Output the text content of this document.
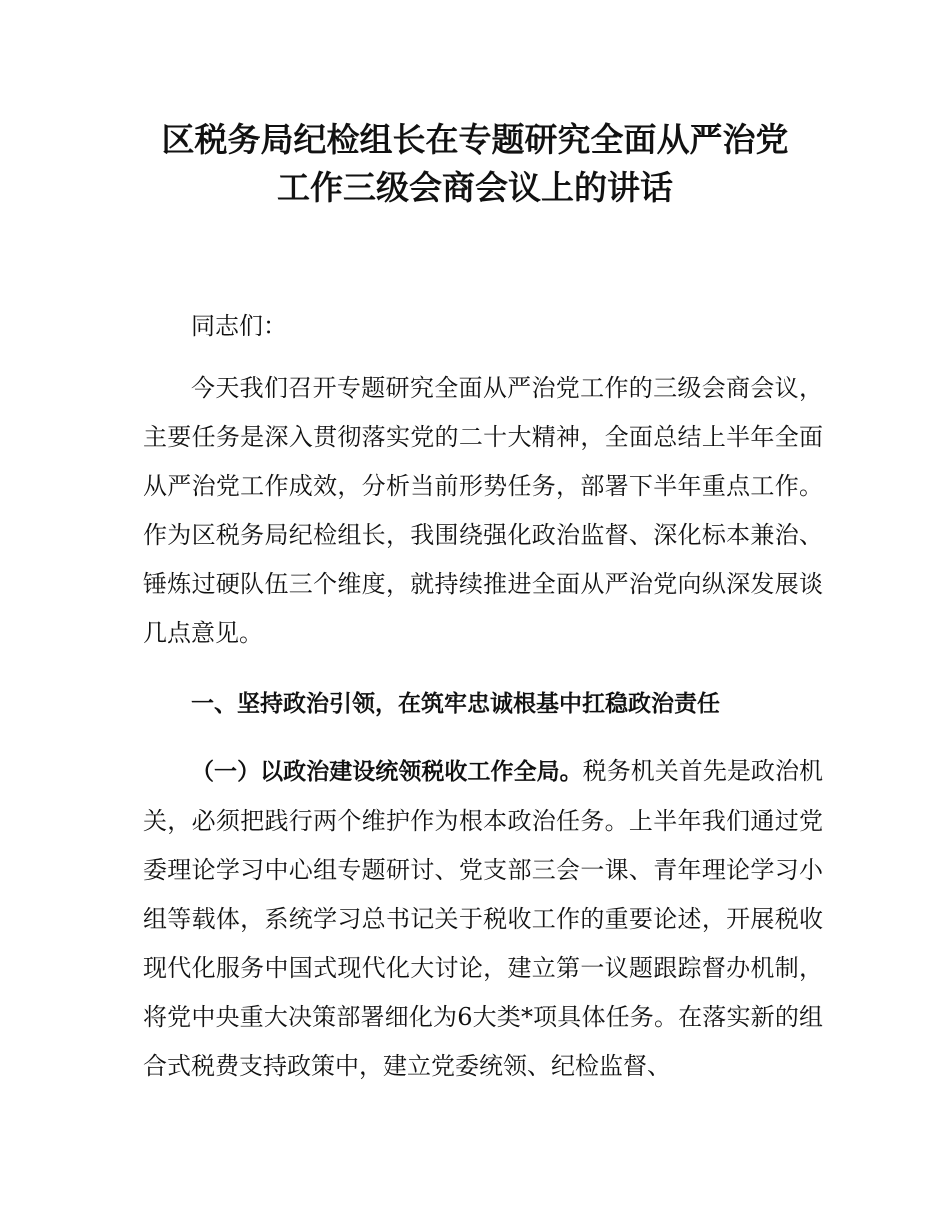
区税务局纪检组长在专题研究全面从严治党
工作三级会商会议上的讲话

同志们：

今天我们召开专题研究全面从严治党工作的三级会商会议，主要任务是深入贯彻落实党的二十大精神，全面总结上半年全面从严治党工作成效，分析当前形势任务，部署下半年重点工作。作为区税务局纪检组长，我围绕强化政治监督、深化标本兼治、锤炼过硬队伍三个维度，就持续推进全面从严治党向纵深发展谈几点意见。

一、坚持政治引领，在筑牢忠诚根基中扛稳政治责任

（一）以政治建设统领税收工作全局。税务机关首先是政治机关，必须把践行两个维护作为根本政治任务。上半年我们通过党委理论学习中心组专题研讨、党支部三会一课、青年理论学习小组等载体，系统学习总书记关于税收工作的重要论述，开展税收现代化服务中国式现代化大讨论，建立第一议题跟踪督办机制，将党中央重大决策部署细化为6大类*项具体任务。在落实新的组合式税费支持政策中，建立党委统领、纪检监督、
